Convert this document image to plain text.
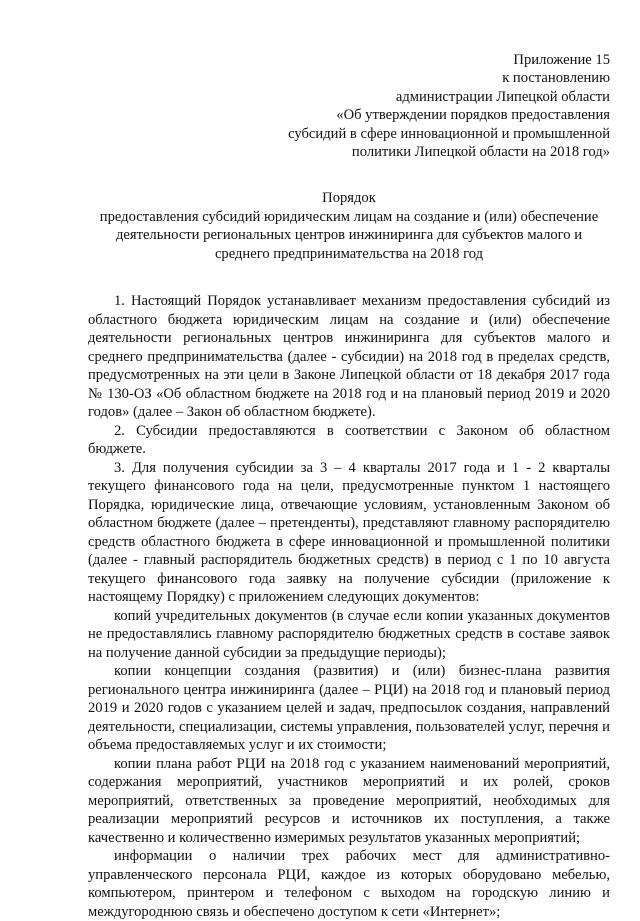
Приложение 15
к постановлению
администрации Липецкой области
«Об утверждении порядков предоставления
субсидий в сфере инновационной и промышленной
политики Липецкой области на 2018 год»
Порядок
предоставления субсидий юридическим лицам на создание и (или) обеспечение
деятельности региональных центров инжиниринга для субъектов малого и
среднего предпринимательства на 2018 год

1. Настоящий Порядок устанавливает механизм предоставления субсидий из областного бюджета юридическим лицам на создание и (или) обеспечение деятельности региональных центров инжиниринга для субъектов малого и среднего предпринимательства (далее - субсидии) на 2018 год в пределах средств, предусмотренных на эти цели в Законе Липецкой области от 18 декабря 2017 года № 130-ОЗ «Об областном бюджете на 2018 год и на плановый период 2019 и 2020 годов» (далее – Закон об областном бюджете).

2. Субсидии предоставляются в соответствии с Законом об областном бюджете.

3. Для получения субсидии за 3 – 4 кварталы 2017 года и 1 - 2 кварталы текущего финансового года на цели, предусмотренные пунктом 1 настоящего Порядка, юридические лица, отвечающие условиям, установленным Законом об областном бюджете (далее – претенденты), представляют главному распорядителю средств областного бюджета в сфере инновационной и промышленной политики (далее - главный распорядитель бюджетных средств) в период с 1 по 10 августа текущего финансового года заявку на получение субсидии (приложение к настоящему Порядку) с приложением следующих документов:

копий учредительных документов (в случае если копии указанных документов не предоставлялись главному распорядителю бюджетных средств в составе заявок на получение данной субсидии за предыдущие периоды);

копии концепции создания (развития) и (или) бизнес-плана развития регионального центра инжиниринга (далее – РЦИ) на 2018 год и плановый период 2019 и 2020 годов с указанием целей и задач, предпосылок создания, направлений деятельности, специализации, системы управления, пользователей услуг, перечня и объема предоставляемых услуг и их стоимости;

копии плана работ РЦИ на 2018 год с указанием наименований мероприятий, содержания мероприятий, участников мероприятий и их ролей, сроков мероприятий, ответственных за проведение мероприятий, необходимых для реализации мероприятий ресурсов и источников их поступления, а также качественно и количественно измеримых результатов указанных мероприятий;

информации о наличии трех рабочих мест для административно-управленческого персонала РЦИ, каждое из которых оборудовано мебелью, компьютером, принтером и телефоном с выходом на городскую линию и междугороднюю связь и обеспечено доступом к сети «Интернет»;
